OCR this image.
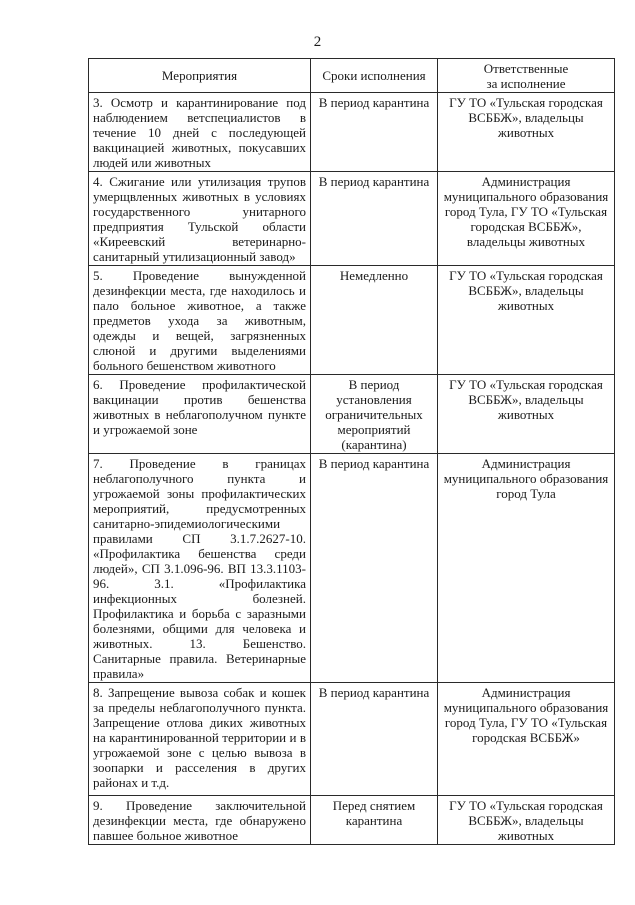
2
Мероприятия	Сроки исполнения	Ответственные
за исполнение

3. Осмотр и карантинирование под наблюдением ветспециалистов в течение 10 дней с последующей вакцинацией животных, покусавших людей или животных	В период карантина	ГУ ТО «Тульская городская ВСББЖ», владельцы животных
4. Сжигание или утилизация трупов умерщвленных животных в условиях государственного унитарного предприятия Тульской области «Киреевский ветеринарно-санитарный утилизационный завод»	В период карантина	Администрация муниципального образования город Тула, ГУ ТО «Тульская городская ВСББЖ», владельцы животных
5. Проведение вынужденной дезинфекции места, где находилось и пало больное животное, а также предметов ухода за животным, одежды и вещей, загрязненных слюной и другими выделениями больного бешенством животного	Немедленно	ГУ ТО «Тульская городская ВСББЖ», владельцы животных
6. Проведение профилактической вакцинации против бешенства животных в неблагополучном пункте и угрожаемой зоне	В период установления ограничительных мероприятий (карантина)	ГУ ТО «Тульская городская ВСББЖ», владельцы животных
7. Проведение в границах неблагополучного пункта и угрожаемой зоны профилактических мероприятий, предусмотренных санитарно-эпидемиологическими правилами СП 3.1.7.2627-10. «Профилактика бешенства среди людей», СП 3.1.096-96. ВП 13.3.1103-96. 3.1. «Профилактика инфекционных болезней. Профилактика и борьба с заразными болезнями, общими для человека и животных. 13. Бешенство. Санитарные правила. Ветеринарные правила»	В период карантина	Администрация муниципального образования город Тула
8. Запрещение вывоза собак и кошек за пределы неблагополучного пункта. Запрещение отлова диких животных на карантинированной территории и в угрожаемой зоне с целью вывоза в зоопарки и расселения в других районах и т.д.	В период карантина	Администрация муниципального образования город Тула, ГУ ТО «Тульская городская ВСББЖ»
9. Проведение заключительной дезинфекции места, где обнаружено павшее больное животное	Перед снятием карантина	ГУ ТО «Тульская городская ВСББЖ», владельцы животных
